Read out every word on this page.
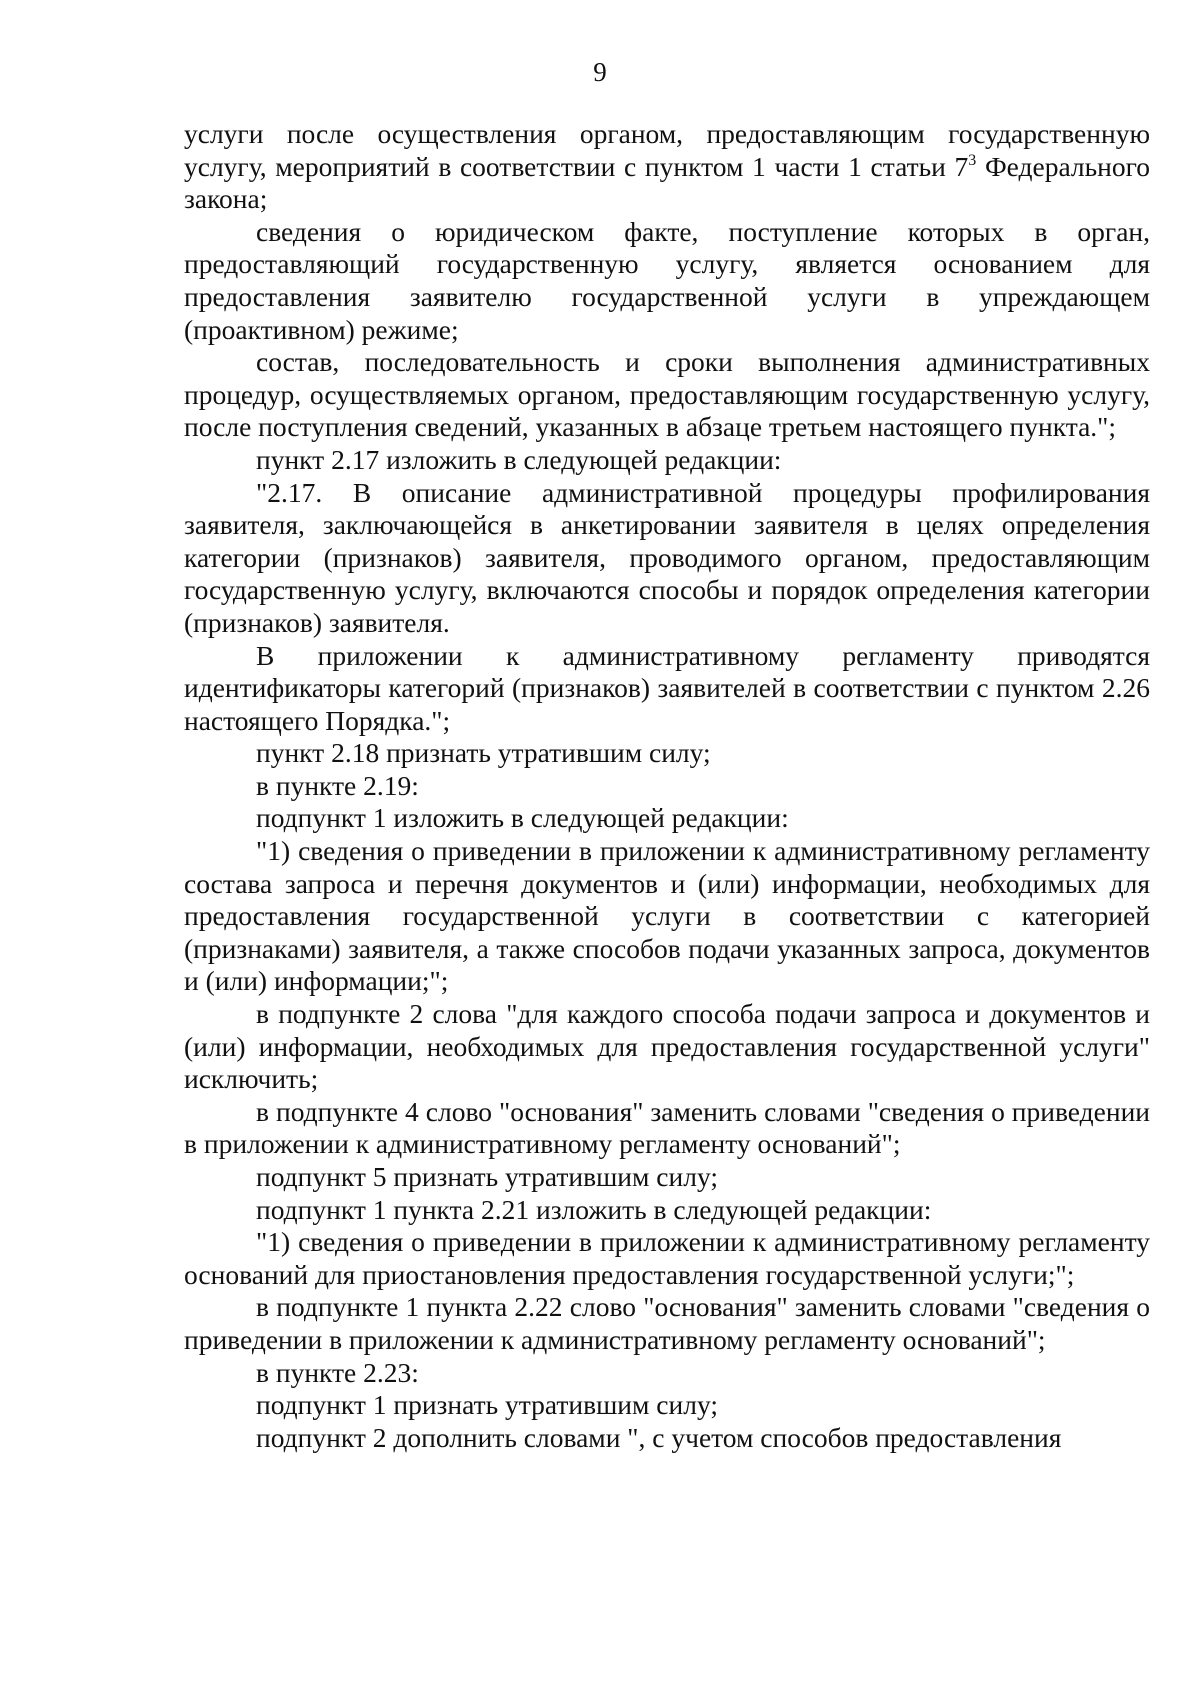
9

услуги после осуществления органом, предоставляющим государственную услугу, мероприятий в соответствии с пунктом 1 части 1 статьи $7^3$ Федерального закона;

сведения о юридическом факте, поступление которых в орган, предоставляющий государственную услугу, является основанием для предоставления заявителю государственной услуги в упреждающем (проактивном) режиме;

состав, последовательность и сроки выполнения административных процедур, осуществляемых органом, предоставляющим государственную услугу, после поступления сведений, указанных в абзаце третьем настоящего пункта.";

пункт 2.17 изложить в следующей редакции:

"2.17. В описание административной процедуры профилирования заявителя, заключающейся в анкетировании заявителя в целях определения категории (признаков) заявителя, проводимого органом, предоставляющим государственную услугу, включаются способы и порядок определения категории (признаков) заявителя.

В приложении к административному регламенту приводятся идентификаторы категорий (признаков) заявителей в соответствии с пунктом 2.26 настоящего Порядка.";

пункт 2.18 признать утратившим силу;

в пункте 2.19:

подпункт 1 изложить в следующей редакции:

"1) сведения о приведении в приложении к административному регламенту состава запроса и перечня документов и (или) информации, необходимых для предоставления государственной услуги в соответствии с категорией (признаками) заявителя, а также способов подачи указанных запроса, документов и (или) информации;";

в подпункте 2 слова "для каждого способа подачи запроса и документов и (или) информации, необходимых для предоставления государственной услуги" исключить;

в подпункте 4 слово "основания" заменить словами "сведения о приведении в приложении к административному регламенту оснований";

подпункт 5 признать утратившим силу;

подпункт 1 пункта 2.21 изложить в следующей редакции:

"1) сведения о приведении в приложении к административному регламенту оснований для приостановления предоставления государственной услуги;";

в подпункте 1 пункта 2.22 слово "основания" заменить словами "сведения о приведении в приложении к административному регламенту оснований";

в пункте 2.23:

подпункт 1 признать утратившим силу;

подпункт 2 дополнить словами ", с учетом способов предоставления
